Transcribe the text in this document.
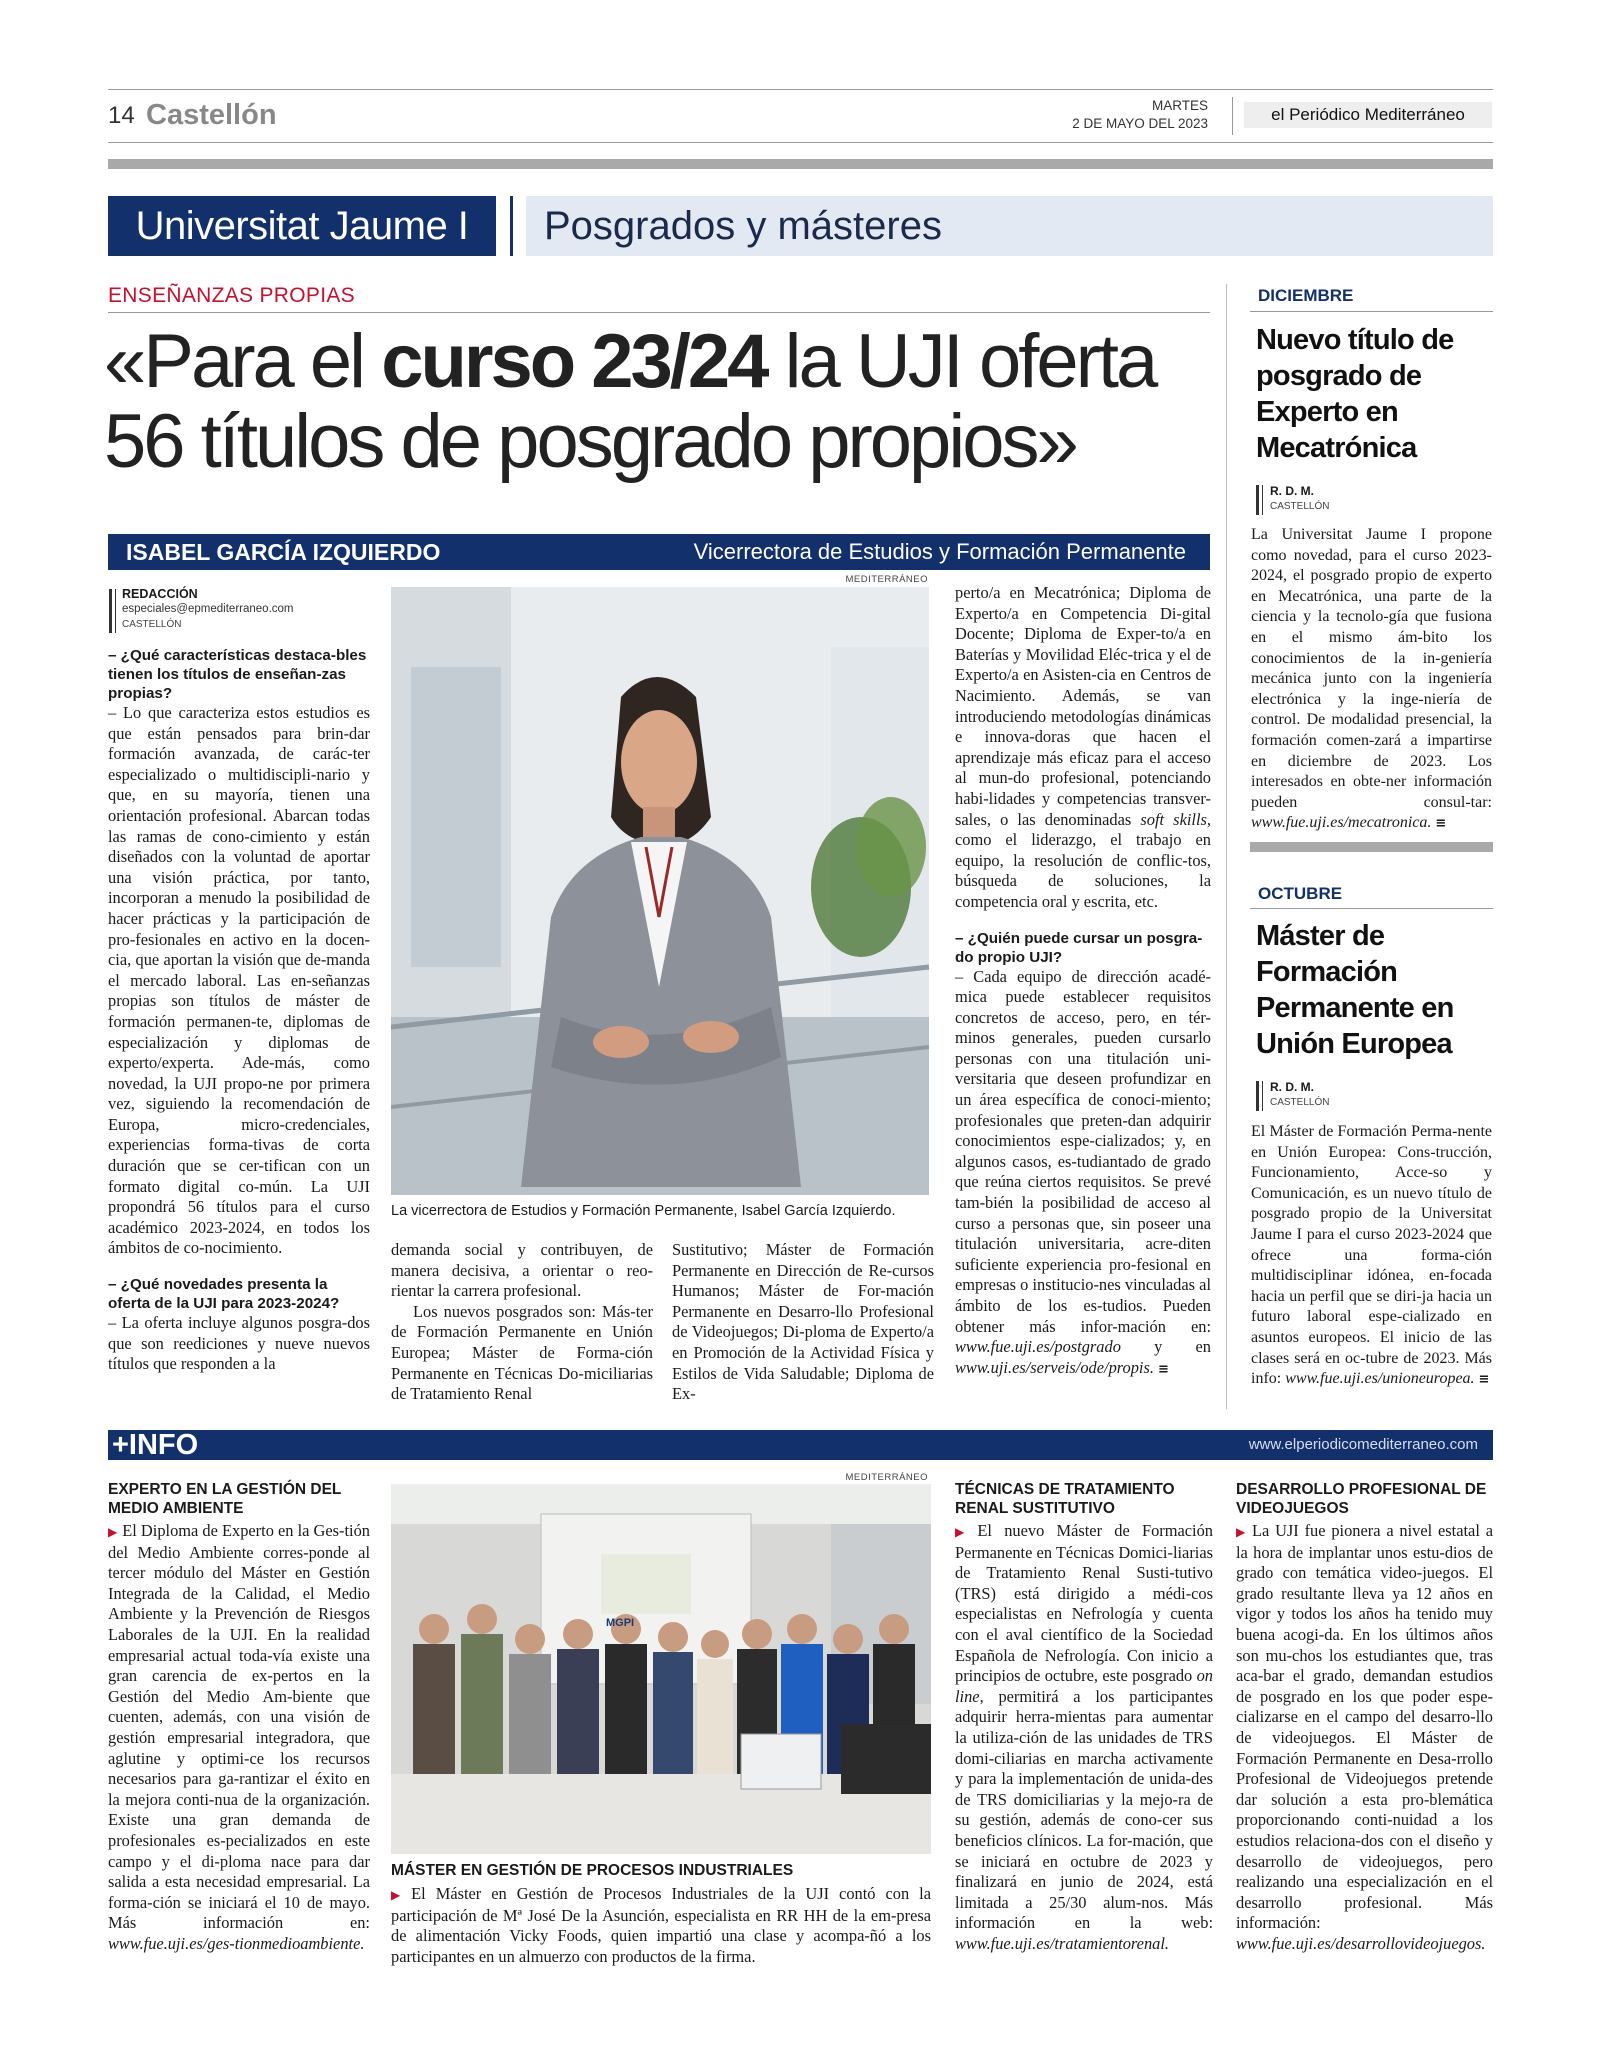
14 Castellón	MARTES
2 DE MAYO DEL 2023	el Periódico Mediterráneo
Universitat Jaume I	Posgrados y másteres
ENSEÑANZAS PROPIAS
«Para el curso 23/24 la UJI oferta
56 títulos de posgrado propios»
ISABEL GARCÍA IZQUIERDO	Vicerrectora de Estudios y Formación Permanente
REDACCIÓN
especiales@epmediterraneo.com
CASTELLÓN

– ¿Qué características destaca-bles tienen los títulos de enseñan-zas propias?

– Lo que caracteriza estos estudios es que están pensados para brin-dar formación avanzada, de carác-ter especializado o multidiscipli-nario y que, en su mayoría, tienen una orientación profesional. Abarcan todas las ramas de cono-cimiento y están diseñados con la voluntad de aportar una visión práctica, por tanto, incorporan a menudo la posibilidad de hacer prácticas y la participación de pro-fesionales en activo en la docen-cia, que aportan la visión que de-manda el mercado laboral. Las en-señanzas propias son títulos de máster de formación permanen-te, diplomas de especialización y diplomas de experto/experta. Ade-más, como novedad, la UJI propo-ne por primera vez, siguiendo la recomendación de Europa, micro-credenciales, experiencias forma-tivas de corta duración que se cer-tifican con un formato digital co-mún. La UJI propondrá 56 títulos para el curso académico 2023-2024, en todos los ámbitos de co-nocimiento.

– ¿Qué novedades presenta la oferta de la UJI para 2023-2024?

– La oferta incluye algunos posgra-dos que son reediciones y nueve nuevos títulos que responden a la

MEDITERRÁNEO
La vicerrectora de Estudios y Formación Permanente, Isabel García Izquierdo.

demanda social y contribuyen, de manera decisiva, a orientar o reo-rientar la carrera profesional.

Los nuevos posgrados son: Más-ter de Formación Permanente en Unión Europea; Máster de Forma-ción Permanente en Técnicas Do-miciliarias de Tratamiento Renal

Sustitutivo; Máster de Formación Permanente en Dirección de Re-cursos Humanos; Máster de For-mación Permanente en Desarro-llo Profesional de Videojuegos; Di-ploma de Experto/a en Promoción de la Actividad Física y Estilos de Vida Saludable; Diploma de Ex-

perto/a en Mecatrónica; Diploma de Experto/a en Competencia Di-gital Docente; Diploma de Exper-to/a en Baterías y Movilidad Eléc-trica y el de Experto/a en Asisten-cia en Centros de Nacimiento. Además, se van introduciendo metodologías dinámicas e innova-doras que hacen el aprendizaje más eficaz para el acceso al mun-do profesional, potenciando habi-lidades y competencias transver-sales, o las denominadas soft skills, como el liderazgo, el trabajo en equipo, la resolución de conflic-tos, búsqueda de soluciones, la competencia oral y escrita, etc.

– ¿Quién puede cursar un posgra-do propio UJI?

– Cada equipo de dirección acadé-mica puede establecer requisitos concretos de acceso, pero, en tér-minos generales, pueden cursarlo personas con una titulación uni-versitaria que deseen profundizar en un área específica de conoci-miento; profesionales que preten-dan adquirir conocimientos espe-cializados; y, en algunos casos, es-tudiantado de grado que reúna ciertos requisitos. Se prevé tam-bién la posibilidad de acceso al curso a personas que, sin poseer una titulación universitaria, acre-diten suficiente experiencia pro-fesional en empresas o institucio-nes vinculadas al ámbito de los es-tudios. Pueden obtener más infor-mación en: www.fue.uji.es/postgrado y en www.uji.es/serveis/ode/propis. ≡

DICIEMBRE
Nuevo título de posgrado de Experto en Mecatrónica
R. D. M.
CASTELLÓN

La Universitat Jaume I propone como novedad, para el curso 2023-2024, el posgrado propio de experto en Mecatrónica, una parte de la ciencia y la tecnolo-gía que fusiona en el mismo ám-bito los conocimientos de la in-geniería mecánica junto con la ingeniería electrónica y la inge-niería de control. De modalidad presencial, la formación comen-zará a impartirse en diciembre de 2023. Los interesados en obte-ner información pueden consul-tar: www.fue.uji.es/mecatronica. ≡

OCTUBRE
Máster de Formación Permanente en Unión Europea
R. D. M.
CASTELLÓN

El Máster de Formación Perma-nente en Unión Europea: Cons-trucción, Funcionamiento, Acce-so y Comunicación, es un nuevo título de posgrado propio de la Universitat Jaume I para el curso 2023-2024 que ofrece una forma-ción multidisciplinar idónea, en-focada hacia un perfil que se diri-ja hacia un futuro laboral espe-cializado en asuntos europeos. El inicio de las clases será en oc-tubre de 2023. Más info: www.fue.uji.es/unioneuropea. ≡

+INFO	www.elperiodicomediterraneo.com
EXPERTO EN LA GESTIÓN DEL MEDIO AMBIENTE

▶ El Diploma de Experto en la Ges-tión del Medio Ambiente corres-ponde al tercer módulo del Máster en Gestión Integrada de la Calidad, el Medio Ambiente y la Prevención de Riesgos Laborales de la UJI. En la realidad empresarial actual toda-vía existe una gran carencia de ex-pertos en la Gestión del Medio Am-biente que cuenten, además, con una visión de gestión empresarial integradora, que aglutine y optimi-ce los recursos necesarios para ga-rantizar el éxito en la mejora conti-nua de la organización. Existe una gran demanda de profesionales es-pecializados en este campo y el di-ploma nace para dar salida a esta necesidad empresarial. La forma-ción se iniciará el 10 de mayo. Más información en: www.fue.uji.es/ges-tionmedioambiente.

MEDITERRÁNEO
MGPI
MÁSTER EN GESTIÓN DE PROCESOS INDUSTRIALES

▶ El Máster en Gestión de Procesos Industriales de la UJI contó con la participación de Mª José De la Asunción, especialista en RR HH de la em-presa de alimentación Vicky Foods, quien impartió una clase y acompa-ñó a los participantes en un almuerzo con productos de la firma.

TÉCNICAS DE TRATAMIENTO RENAL SUSTITUTIVO

▶ El nuevo Máster de Formación Permanente en Técnicas Domici-liarias de Tratamiento Renal Susti-tutivo (TRS) está dirigido a médi-cos especialistas en Nefrología y cuenta con el aval científico de la Sociedad Española de Nefrología. Con inicio a principios de octubre, este posgrado on line, permitirá a los participantes adquirir herra-mientas para aumentar la utiliza-ción de las unidades de TRS domi-ciliarias en marcha activamente y para la implementación de unida-des de TRS domiciliarias y la mejo-ra de su gestión, además de cono-cer sus beneficios clínicos. La for-mación, que se iniciará en octubre de 2023 y finalizará en junio de 2024, está limitada a 25/30 alum-nos. Más información en la web: www.fue.uji.es/tratamientorenal.

DESARROLLO PROFESIONAL DE VIDEOJUEGOS

▶ La UJI fue pionera a nivel estatal a la hora de implantar unos estu-dios de grado con temática video-juegos. El grado resultante lleva ya 12 años en vigor y todos los años ha tenido muy buena acogi-da. En los últimos años son mu-chos los estudiantes que, tras aca-bar el grado, demandan estudios de posgrado en los que poder espe-cializarse en el campo del desarro-llo de videojuegos. El Máster de Formación Permanente en Desa-rrollo Profesional de Videojuegos pretende dar solución a esta pro-blemática proporcionando conti-nuidad a los estudios relaciona-dos con el diseño y desarrollo de videojuegos, pero realizando una especialización en el desarrollo profesional. Más información: www.fue.uji.es/desarrollovideojuegos.
